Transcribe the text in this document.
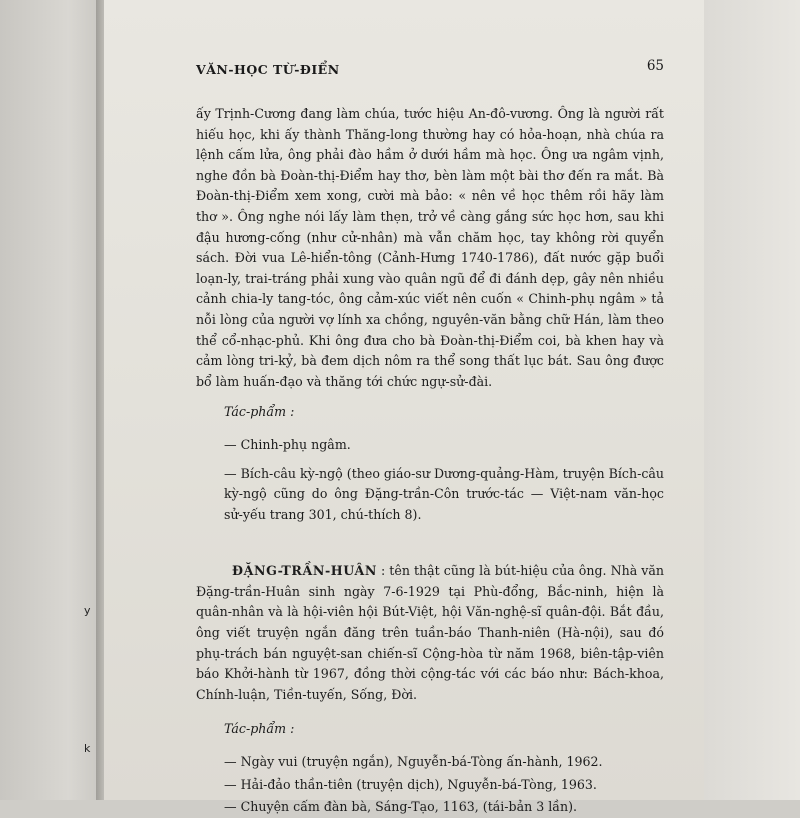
y
k
VĂN-HỌC TỪ-ĐIỂN	65

ấy Trịnh-Cương đang làm chúa, tước hiệu An-đô-vương. Ông là người rất hiếu học, khi ấy thành Thăng-long thường hay có hỏa-hoạn, nhà chúa ra lệnh cấm lửa, ông phải đào hầm ở dưới hầm mà học. Ông ưa ngâm vịnh, nghe đồn bà Đoàn-thị-Điểm hay thơ, bèn làm một bài thơ đến ra mắt. Bà Đoàn-thị-Điểm xem xong, cười mà bảo: « nên về học thêm rồi hãy làm thơ ». Ông nghe nói lấy làm thẹn, trở về càng gắng sức học hơn, sau khi đậu hương-cống (như cử-nhân) mà vẫn chăm học, tay không rời quyển sách. Đời vua Lê-hiển-tông (Cảnh-Hưng 1740-1786), đất nước gặp buổi loạn-ly, trai-tráng phải xung vào quân ngũ để đi đánh dẹp, gây nên nhiều cảnh chia-ly tang-tóc, ông cảm-xúc viết nên cuốn « Chinh-phụ ngâm » tả nỗi lòng của người vợ lính xa chồng, nguyên-văn bằng chữ Hán, làm theo thể cổ-nhạc-phủ. Khi ông đưa cho bà Đoàn-thị-Điểm coi, bà khen hay và cảm lòng tri-kỷ, bà đem dịch nôm ra thể song thất lục bát. Sau ông được bổ làm huấn-đạo và thăng tới chức ngự-sử-đài.

Tác-phẩm :

— Chinh-phụ ngâm.

— Bích-câu kỳ-ngộ (theo giáo-sư Dương-quảng-Hàm, truyện Bích-câu kỳ-ngộ cũng do ông Đặng-trần-Côn trước-tác — Việt-nam văn-học sử-yếu trang 301, chú-thích 8).

ĐẶNG-TRẦN-HUÂN : tên thật cũng là bút-hiệu của ông. Nhà văn Đặng-trần-Huân sinh ngày 7-6-1929 tại Phù-đổng, Bắc-ninh, hiện là quân-nhân và là hội-viên hội Bút-Việt, hội Văn-nghệ-sĩ quân-đội. Bắt đầu, ông viết truyện ngắn đăng trên tuần-báo Thanh-niên (Hà-nội), sau đó phụ-trách bán nguyệt-san chiến-sĩ Cộng-hòa từ năm 1968, biên-tập-viên báo Khởi-hành từ 1967, đồng thời cộng-tác với các báo như: Bách-khoa, Chính-luận, Tiền-tuyến, Sống, Đời.

Tác-phẩm :

— Ngày vui (truyện ngắn), Nguyễn-bá-Tòng ấn-hành, 1962.

— Hải-đảo thần-tiên (truyện dịch), Nguyễn-bá-Tòng, 1963.

— Chuyện cấm đàn bà, Sáng-Tạo, 1163, (tái-bản 3 lần).
